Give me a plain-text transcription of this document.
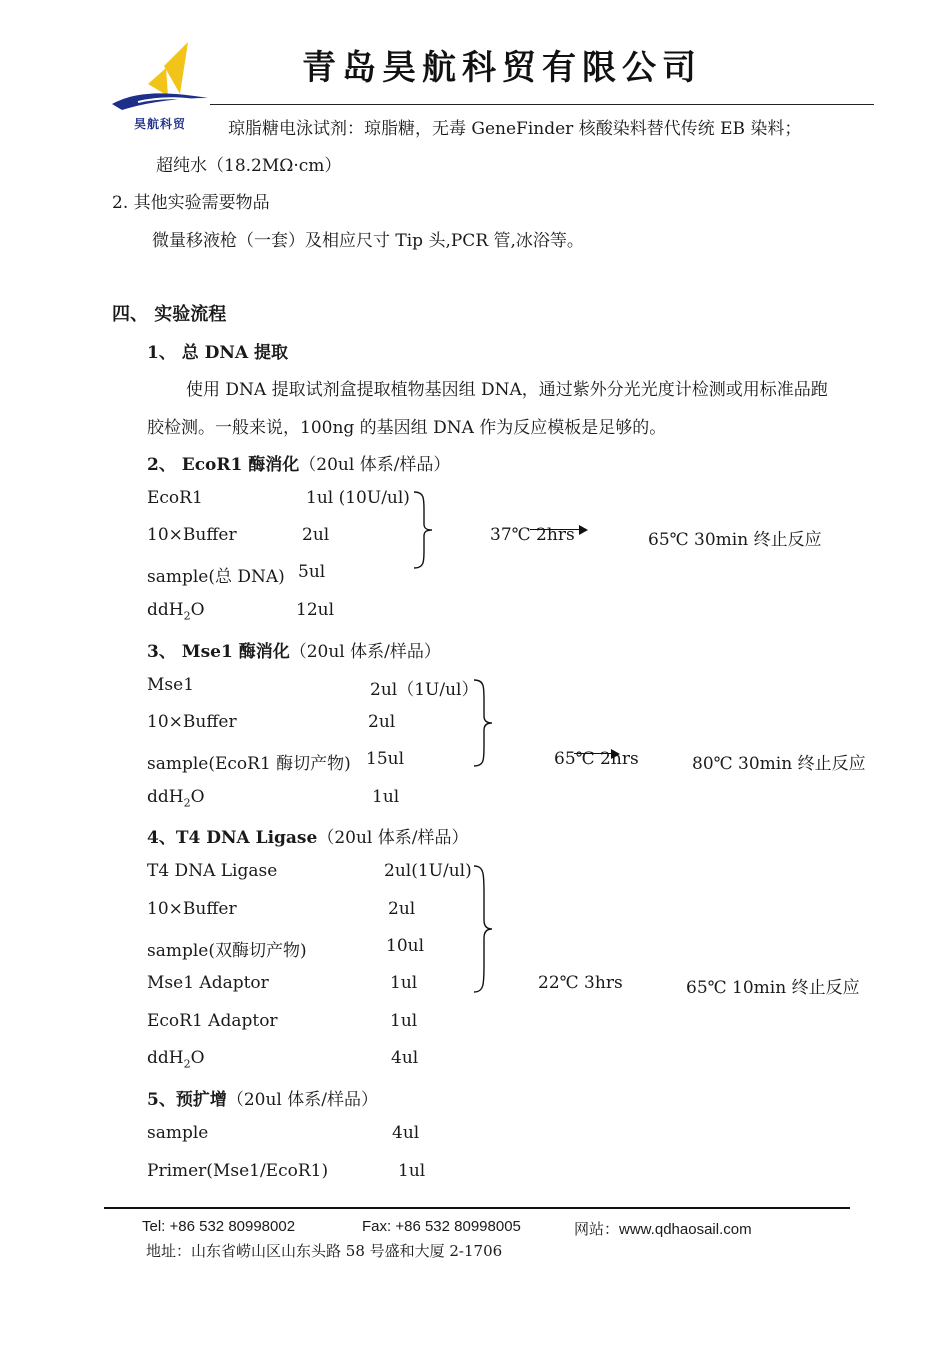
昊航科贸
青岛昊航科贸有限公司
琼脂糖电泳试剂：琼脂糖，无毒 GeneFinder 核酸染料替代传统 EB 染料；
超纯水（18.2MΩ·cm）
2. 其他实验需要物品
微量移液枪（一套）及相应尺寸 Tip 头,PCR 管,冰浴等。
四、 实验流程
1、 总 DNA 提取
使用 DNA 提取试剂盒提取植物基因组 DNA，通过紫外分光光度计检测或用标准品跑
胶检测。一般来说，100ng 的基因组 DNA 作为反应模板是足够的。
2、 EcoR1 酶消化（20ul 体系/样品）
EcoR1	1ul (10U/ul)
10×Buffer	2ul
sample(总 DNA) 5ul
ddH$_2$O	12ul
37℃ 2hrs	65℃ 30min 终止反应
3、 Mse1 酶消化（20ul 体系/样品）
Mse1	2ul（1U/ul）
10×Buffer	2ul
sample(EcoR1 酶切产物) 15ul
ddH$_2$O	1ul
65℃ 2hrs	80℃ 30min 终止反应
4、T4 DNA Ligase（20ul 体系/样品）
T4 DNA Ligase	2ul(1U/ul)
10×Buffer	2ul
sample(双酶切产物)	10ul
Mse1 Adaptor	1ul
EcoR1 Adaptor	1ul
ddH$_2$O	4ul
22℃ 3hrs	65℃ 10min 终止反应
5、预扩增（20ul 体系/样品）
sample	4ul
Primer(Mse1/EcoR1)	1ul
Tel: +86 532 80998002	Fax: +86 532 80998005	网站：www.qdhaosail.com
地址：山东省崂山区山东头路 58 号盛和大厦 2-1706
